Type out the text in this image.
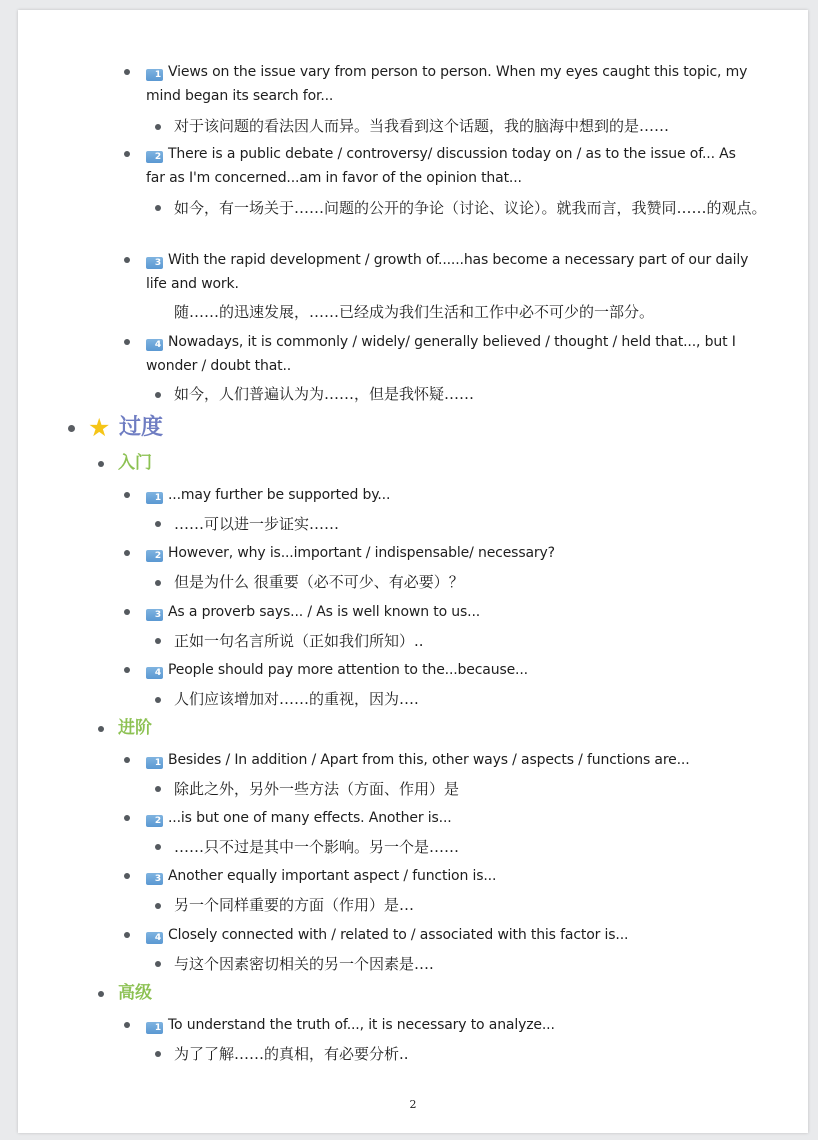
1 Views on the issue vary from person to person. When my eyes caught this topic, my mind began its search for...
对于该问题的看法因人而异。当我看到这个话题，我的脑海中想到的是……
2 There is a public debate / controversy/ discussion today on / as to the issue of... As far as I'm concerned...am in favor of the opinion that...
如今，有一场关于……问题的公开的争论（讨论、议论）。就我而言，我赞同……的观点。
3 With the rapid development / growth of......has become a necessary part of our daily life and work.
随……的迅速发展，……已经成为我们生活和工作中必不可少的一部分。
4 Nowadays, it is commonly / widely/ generally believed / thought / held that..., but I wonder / doubt that..
如今，人们普遍认为为……，但是我怀疑……
★ 过度
入门
1 ...may further be supported by...
……可以进一步证实……
2 However, why is...important / indispensable/ necessary?
但是为什么 很重要（必不可少、有必要）？
3 As a proverb says... / As is well known to us...
正如一句名言所说（正如我们所知）..
4 People should pay more attention to the...because...
人们应该增加对……的重视，因为….
进阶
1 Besides / In addition / Apart from this, other ways / aspects / functions are...
除此之外，另外一些方法（方面、作用）是
2 ...is but one of many effects. Another is...
……只不过是其中一个影响。另一个是……
3 Another equally important aspect / function is...
另一个同样重要的方面（作用）是…
4 Closely connected with / related to / associated with this factor is...
与这个因素密切相关的另一个因素是….
高级
1 To understand the truth of..., it is necessary to analyze...
为了了解……的真相，有必要分析..
2
